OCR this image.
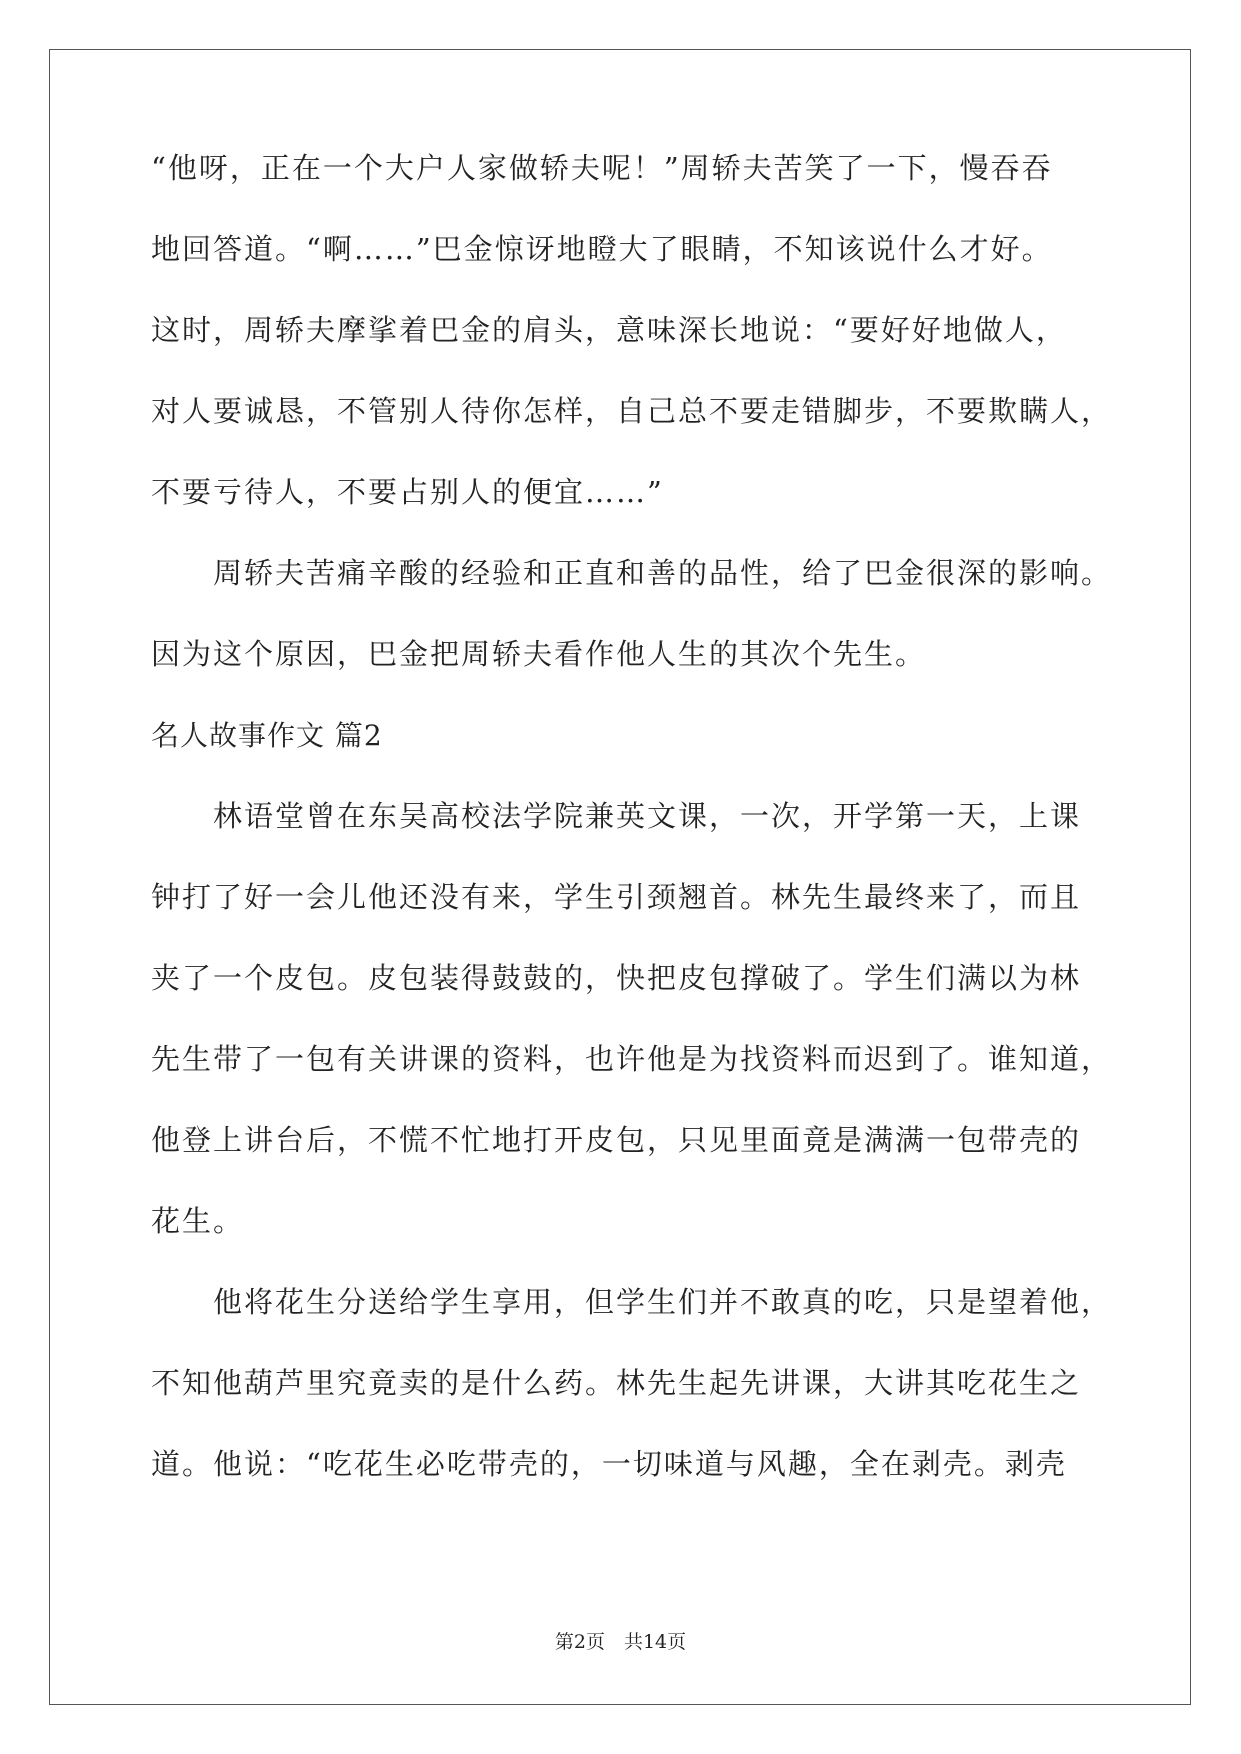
“他呀，正在一个大户人家做轿夫呢！”周轿夫苦笑了一下，慢吞吞
地回答道。“啊……”巴金惊讶地瞪大了眼睛，不知该说什么才好。
这时，周轿夫摩挲着巴金的肩头，意味深长地说：“要好好地做人，
对人要诚恳，不管别人待你怎样，自己总不要走错脚步，不要欺瞒人，
不要亏待人，不要占别人的便宜……”
　　周轿夫苦痛辛酸的经验和正直和善的品性，给了巴金很深的影响。
因为这个原因，巴金把周轿夫看作他人生的其次个先生。
名人故事作文 篇2
　　林语堂曾在东吴高校法学院兼英文课，一次，开学第一天，上课
钟打了好一会儿他还没有来，学生引颈翘首。林先生最终来了，而且
夹了一个皮包。皮包装得鼓鼓的，快把皮包撑破了。学生们满以为林
先生带了一包有关讲课的资料，也许他是为找资料而迟到了。谁知道，
他登上讲台后，不慌不忙地打开皮包，只见里面竟是满满一包带壳的
花生。
　　他将花生分送给学生享用，但学生们并不敢真的吃，只是望着他，
不知他葫芦里究竟卖的是什么药。林先生起先讲课，大讲其吃花生之
道。他说：“吃花生必吃带壳的，一切味道与风趣，全在剥壳。剥壳
第2页　共14页
